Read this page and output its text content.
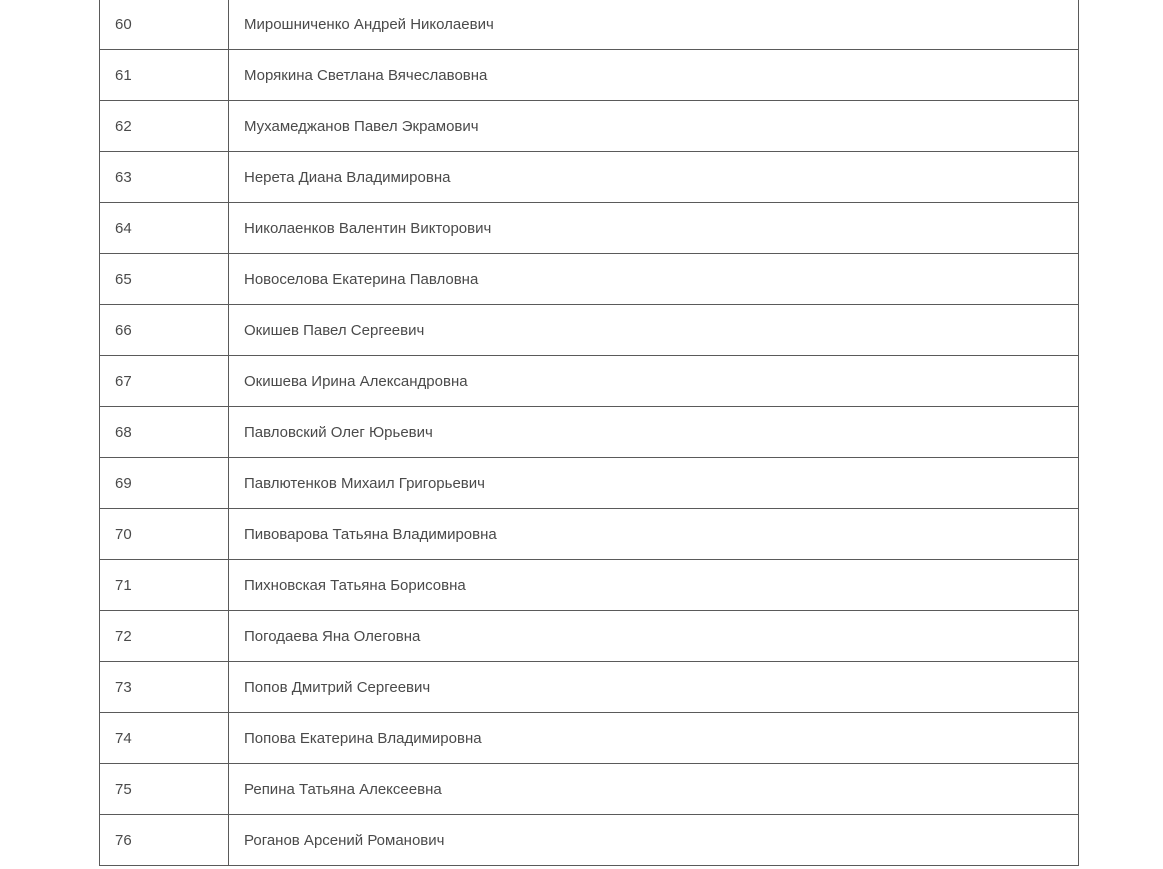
60	Мирошниченко Андрей Николаевич
61	Морякина Светлана Вячеславовна
62	Мухамеджанов Павел Экрамович
63	Нерета Диана Владимировна
64	Николаенков Валентин Викторович
65	Новоселова Екатерина Павловна
66	Окишев Павел Сергеевич
67	Окишева Ирина Александровна
68	Павловский Олег Юрьевич
69	Павлютенков Михаил Григорьевич
70	Пивоварова Татьяна Владимировна
71	Пихновская Татьяна Борисовна
72	Погодаева Яна Олеговна
73	Попов Дмитрий Сергеевич
74	Попова Екатерина Владимировна
75	Репина Татьяна Алексеевна
76	Роганов Арсений Романович
